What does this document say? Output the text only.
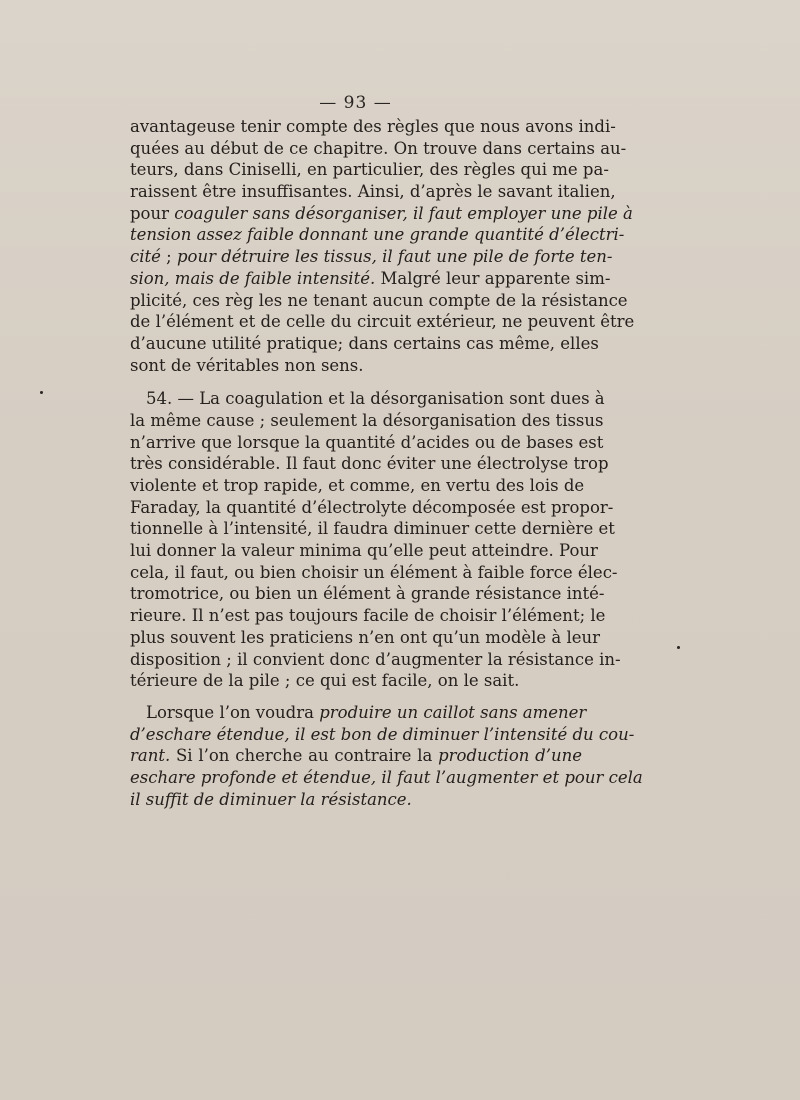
— 93 —
avantageuse tenir compte des règles que nous avons indi-
quées au début de ce chapitre. On trouve dans certains au-
teurs, dans Ciniselli, en particulier, des règles qui me pa-
raissent être insuffisantes. Ainsi, d’après le savant italien,
pour coaguler sans désorganiser, il faut employer une pile à
tension assez faible donnant une grande quantité d’électri-
cité ; pour détruire les tissus, il faut une pile de forte ten-
sion, mais de faible intensité. Malgré leur apparente sim-
plicité, ces règ les ne tenant aucun compte de la résistance
de l’élément et de celle du circuit extérieur, ne peuvent être
d’aucune utilité pratique; dans certains cas même, elles
sont de véritables non sens.
54. — La coagulation et la désorganisation sont dues à
la même cause ; seulement la désorganisation des tissus
n’arrive que lorsque la quantité d’acides ou de bases est
très considérable. Il faut donc éviter une électrolyse trop
violente et trop rapide, et comme, en vertu des lois de
Faraday, la quantité d’électrolyte décomposée est propor-
tionnelle à l’intensité, il faudra diminuer cette dernière et
lui donner la valeur minima qu’elle peut atteindre. Pour
cela, il faut, ou bien choisir un élément à faible force élec-
tromotrice, ou bien un élément à grande résistance inté-
rieure. Il n’est pas toujours facile de choisir l’élément; le
plus souvent les praticiens n’en ont qu’un modèle à leur
disposition ; il convient donc d’augmenter la résistance in-
térieure de la pile ; ce qui est facile, on le sait.
Lorsque l’on voudra produire un caillot sans amener
d’eschare étendue, il est bon de diminuer l’intensité du cou-
rant. Si l’on cherche au contraire la production d’une
eschare profonde et étendue, il faut l’augmenter et pour cela
il suffit de diminuer la résistance.
